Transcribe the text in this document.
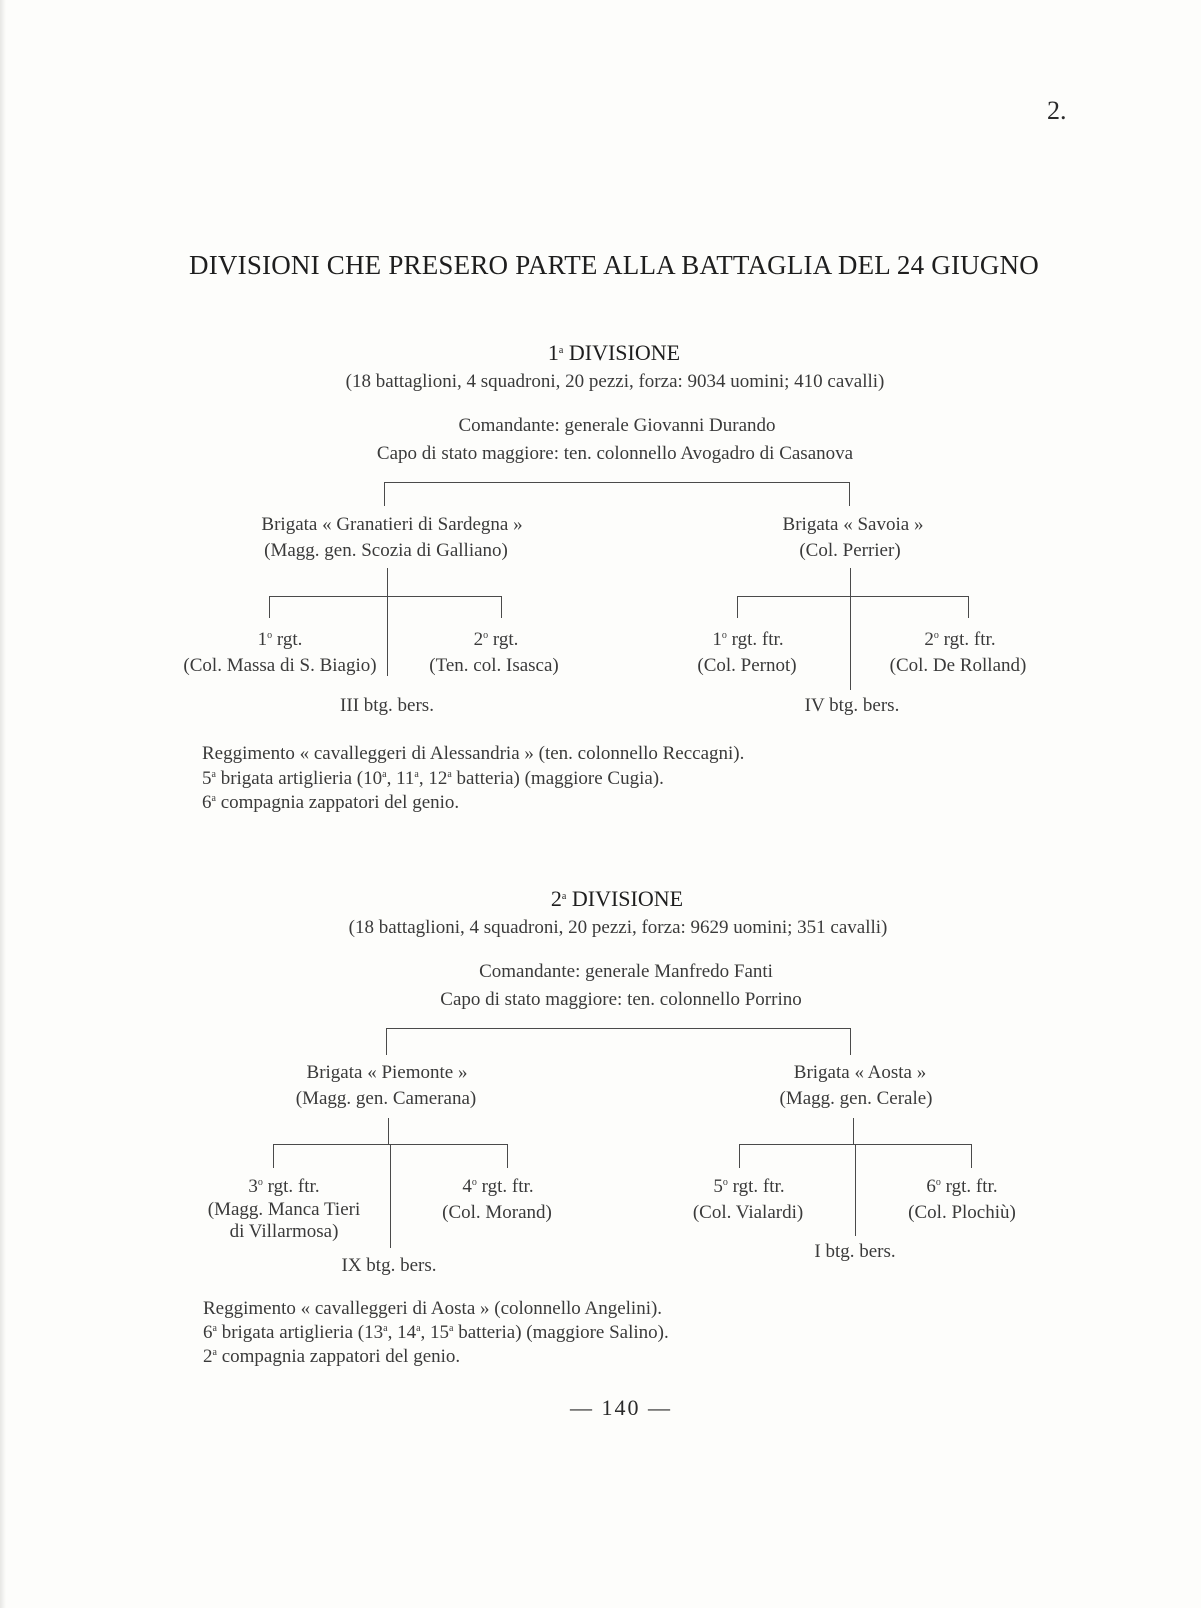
2.
DIVISIONI CHE PRESERO PARTE ALLA BATTAGLIA DEL 24 GIUGNO
1$^a$ DIVISIONE
(18 battaglioni, 4 squadroni, 20 pezzi, forza: 9034 uomini; 410 cavalli)
Comandante: generale Giovanni Durando
Capo di stato maggiore: ten. colonnello Avogadro di Casanova
Brigata « Granatieri di Sardegna »
(Magg. gen. Scozia di Galliano)
Brigata « Savoia »
(Col. Perrier)
1$^o$ rgt.
(Col. Massa di S. Biagio)
2$^o$ rgt.
(Ten. col. Isasca)
1$^o$ rgt. ftr.
(Col. Pernot)
2$^o$ rgt. ftr.
(Col. De Rolland)
III btg. bers.	IV btg. bers.
Reggimento « cavalleggeri di Alessandria » (ten. colonnello Reccagni).
5$^a$ brigata artiglieria (10$^a$, 11$^a$, 12$^a$ batteria) (maggiore Cugia).
6$^a$ compagnia zappatori del genio.
2$^a$ DIVISIONE
(18 battaglioni, 4 squadroni, 20 pezzi, forza: 9629 uomini; 351 cavalli)
Comandante: generale Manfredo Fanti
Capo di stato maggiore: ten. colonnello Porrino
Brigata « Piemonte »
(Magg. gen. Camerana)
Brigata « Aosta »
(Magg. gen. Cerale)
3$^o$ rgt. ftr.
(Magg. Manca Tieri
di Villarmosa)
4$^o$ rgt. ftr.
(Col. Morand)
5$^o$ rgt. ftr.
(Col. Vialardi)
6$^o$ rgt. ftr.
(Col. Plochiù)
IX btg. bers.
I btg. bers.
Reggimento « cavalleggeri di Aosta » (colonnello Angelini).
6$^a$ brigata artiglieria (13$^a$, 14$^a$, 15$^a$ batteria) (maggiore Salino).
2$^a$ compagnia zappatori del genio.
— 140 —
